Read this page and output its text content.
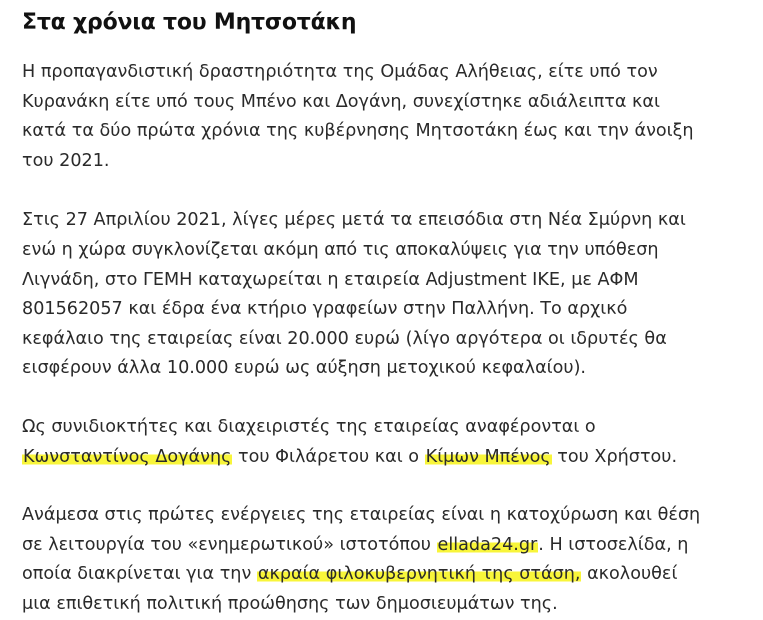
Στα χρόνια του Μητσοτάκη

Η προπαγανδιστική δραστηριότητα της Ομάδας Αλήθειας, είτε υπό τον
Κυρανάκη είτε υπό τους Μπένο και Δογάνη, συνεχίστηκε αδιάλειπτα και
κατά τα δύο πρώτα χρόνια της κυβέρνησης Μητσοτάκη έως και την άνοιξη
του 2021.

Στις 27 Απριλίου 2021, λίγες μέρες μετά τα επεισόδια στη Νέα Σμύρνη και
ενώ η χώρα συγκλονίζεται ακόμη από τις αποκαλύψεις για την υπόθεση
Λιγνάδη, στο ΓΕΜΗ καταχωρείται η εταιρεία Adjustment IKE, με ΑΦΜ
801562057 και έδρα ένα κτήριο γραφείων στην Παλλήνη. Το αρχικό
κεφάλαιο της εταιρείας είναι 20.000 ευρώ (λίγο αργότερα οι ιδρυτές θα
εισφέρουν άλλα 10.000 ευρώ ως αύξηση μετοχικού κεφαλαίου).

Ως συνιδιοκτήτες και διαχειριστές της εταιρείας αναφέρονται ο
Κωνσταντίνος Δογάνης του Φιλάρετου και ο Κίμων Μπένος του Χρήστου.

Ανάμεσα στις πρώτες ενέργειες της εταιρείας είναι η κατοχύρωση και θέση
σε λειτουργία του «ενημερωτικού» ιστοτόπου ellada24.gr. Η ιστοσελίδα, η
οποία διακρίνεται για την ακραία φιλοκυβερνητική της στάση, ακολουθεί
μια επιθετική πολιτική προώθησης των δημοσιευμάτων της.
